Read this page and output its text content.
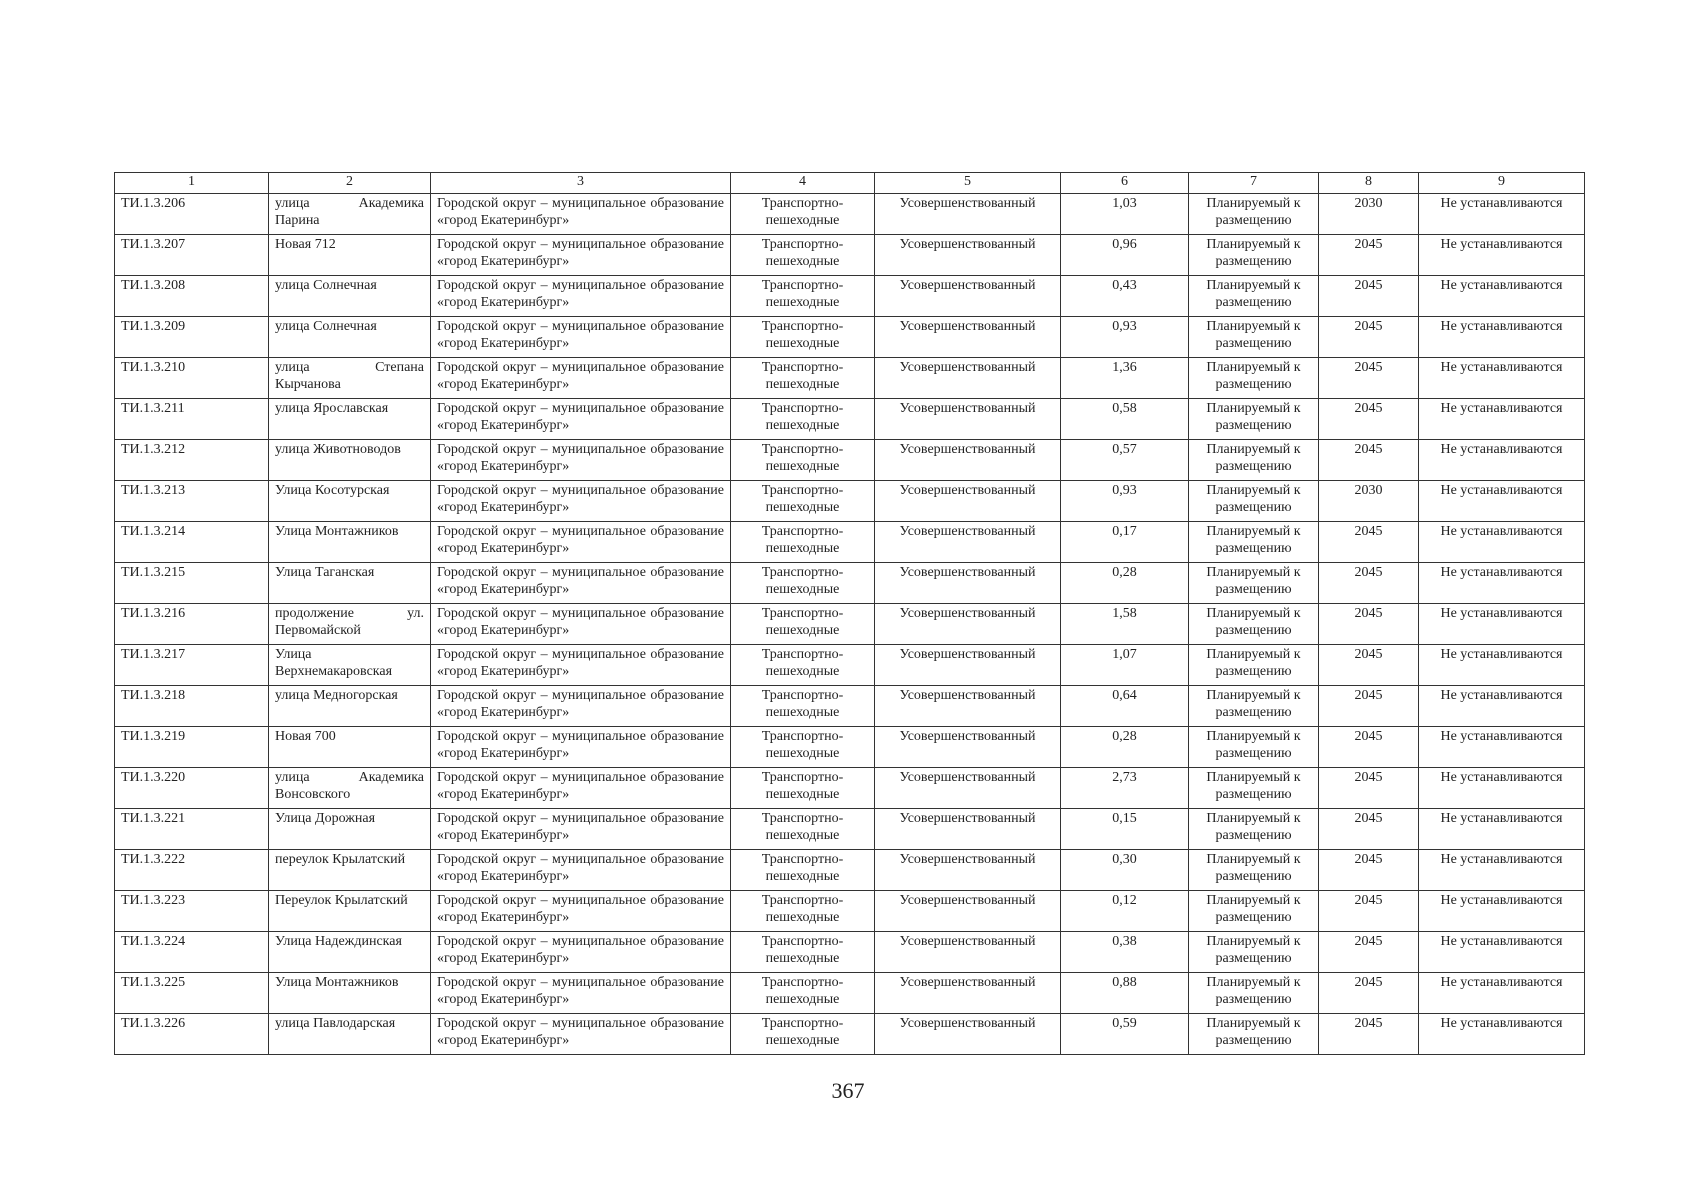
1	2	3	4	5	6	7	8	9
ТИ.1.3.206	улица Академика Парина	Городской округ – муниципальное образование «город Екатеринбург»	Транспортно-пешеходные	Усовершенствованный	1,03	Планируемый к размещению	2030	Не устанавливаются
ТИ.1.3.207	Новая 712	Городской округ – муниципальное образование «город Екатеринбург»	Транспортно-пешеходные	Усовершенствованный	0,96	Планируемый к размещению	2045	Не устанавливаются
ТИ.1.3.208	улица Солнечная	Городской округ – муниципальное образование «город Екатеринбург»	Транспортно-пешеходные	Усовершенствованный	0,43	Планируемый к размещению	2045	Не устанавливаются
ТИ.1.3.209	улица Солнечная	Городской округ – муниципальное образование «город Екатеринбург»	Транспортно-пешеходные	Усовершенствованный	0,93	Планируемый к размещению	2045	Не устанавливаются
ТИ.1.3.210	улица Степана Кырчанова	Городской округ – муниципальное образование «город Екатеринбург»	Транспортно-пешеходные	Усовершенствованный	1,36	Планируемый к размещению	2045	Не устанавливаются
ТИ.1.3.211	улица Ярославская	Городской округ – муниципальное образование «город Екатеринбург»	Транспортно-пешеходные	Усовершенствованный	0,58	Планируемый к размещению	2045	Не устанавливаются
ТИ.1.3.212	улица Животноводов	Городской округ – муниципальное образование «город Екатеринбург»	Транспортно-пешеходные	Усовершенствованный	0,57	Планируемый к размещению	2045	Не устанавливаются
ТИ.1.3.213	Улица Косотурская	Городской округ – муниципальное образование «город Екатеринбург»	Транспортно-пешеходные	Усовершенствованный	0,93	Планируемый к размещению	2030	Не устанавливаются
ТИ.1.3.214	Улица Монтажников	Городской округ – муниципальное образование «город Екатеринбург»	Транспортно-пешеходные	Усовершенствованный	0,17	Планируемый к размещению	2045	Не устанавливаются
ТИ.1.3.215	Улица Таганская	Городской округ – муниципальное образование «город Екатеринбург»	Транспортно-пешеходные	Усовершенствованный	0,28	Планируемый к размещению	2045	Не устанавливаются
ТИ.1.3.216	продолжение ул. Первомайской	Городской округ – муниципальное образование «город Екатеринбург»	Транспортно-пешеходные	Усовершенствованный	1,58	Планируемый к размещению	2045	Не устанавливаются
ТИ.1.3.217	Улица Верхнемакаровская	Городской округ – муниципальное образование «город Екатеринбург»	Транспортно-пешеходные	Усовершенствованный	1,07	Планируемый к размещению	2045	Не устанавливаются
ТИ.1.3.218	улица Медногорская	Городской округ – муниципальное образование «город Екатеринбург»	Транспортно-пешеходные	Усовершенствованный	0,64	Планируемый к размещению	2045	Не устанавливаются
ТИ.1.3.219	Новая 700	Городской округ – муниципальное образование «город Екатеринбург»	Транспортно-пешеходные	Усовершенствованный	0,28	Планируемый к размещению	2045	Не устанавливаются
ТИ.1.3.220	улица Академика Вонсовского	Городской округ – муниципальное образование «город Екатеринбург»	Транспортно-пешеходные	Усовершенствованный	2,73	Планируемый к размещению	2045	Не устанавливаются
ТИ.1.3.221	Улица Дорожная	Городской округ – муниципальное образование «город Екатеринбург»	Транспортно-пешеходные	Усовершенствованный	0,15	Планируемый к размещению	2045	Не устанавливаются
ТИ.1.3.222	переулок Крылатский	Городской округ – муниципальное образование «город Екатеринбург»	Транспортно-пешеходные	Усовершенствованный	0,30	Планируемый к размещению	2045	Не устанавливаются
ТИ.1.3.223	Переулок Крылатский	Городской округ – муниципальное образование «город Екатеринбург»	Транспортно-пешеходные	Усовершенствованный	0,12	Планируемый к размещению	2045	Не устанавливаются
ТИ.1.3.224	Улица Надеждинская	Городской округ – муниципальное образование «город Екатеринбург»	Транспортно-пешеходные	Усовершенствованный	0,38	Планируемый к размещению	2045	Не устанавливаются
ТИ.1.3.225	Улица Монтажников	Городской округ – муниципальное образование «город Екатеринбург»	Транспортно-пешеходные	Усовершенствованный	0,88	Планируемый к размещению	2045	Не устанавливаются
ТИ.1.3.226	улица Павлодарская	Городской округ – муниципальное образование «город Екатеринбург»	Транспортно-пешеходные	Усовершенствованный	0,59	Планируемый к размещению	2045	Не устанавливаются
367
